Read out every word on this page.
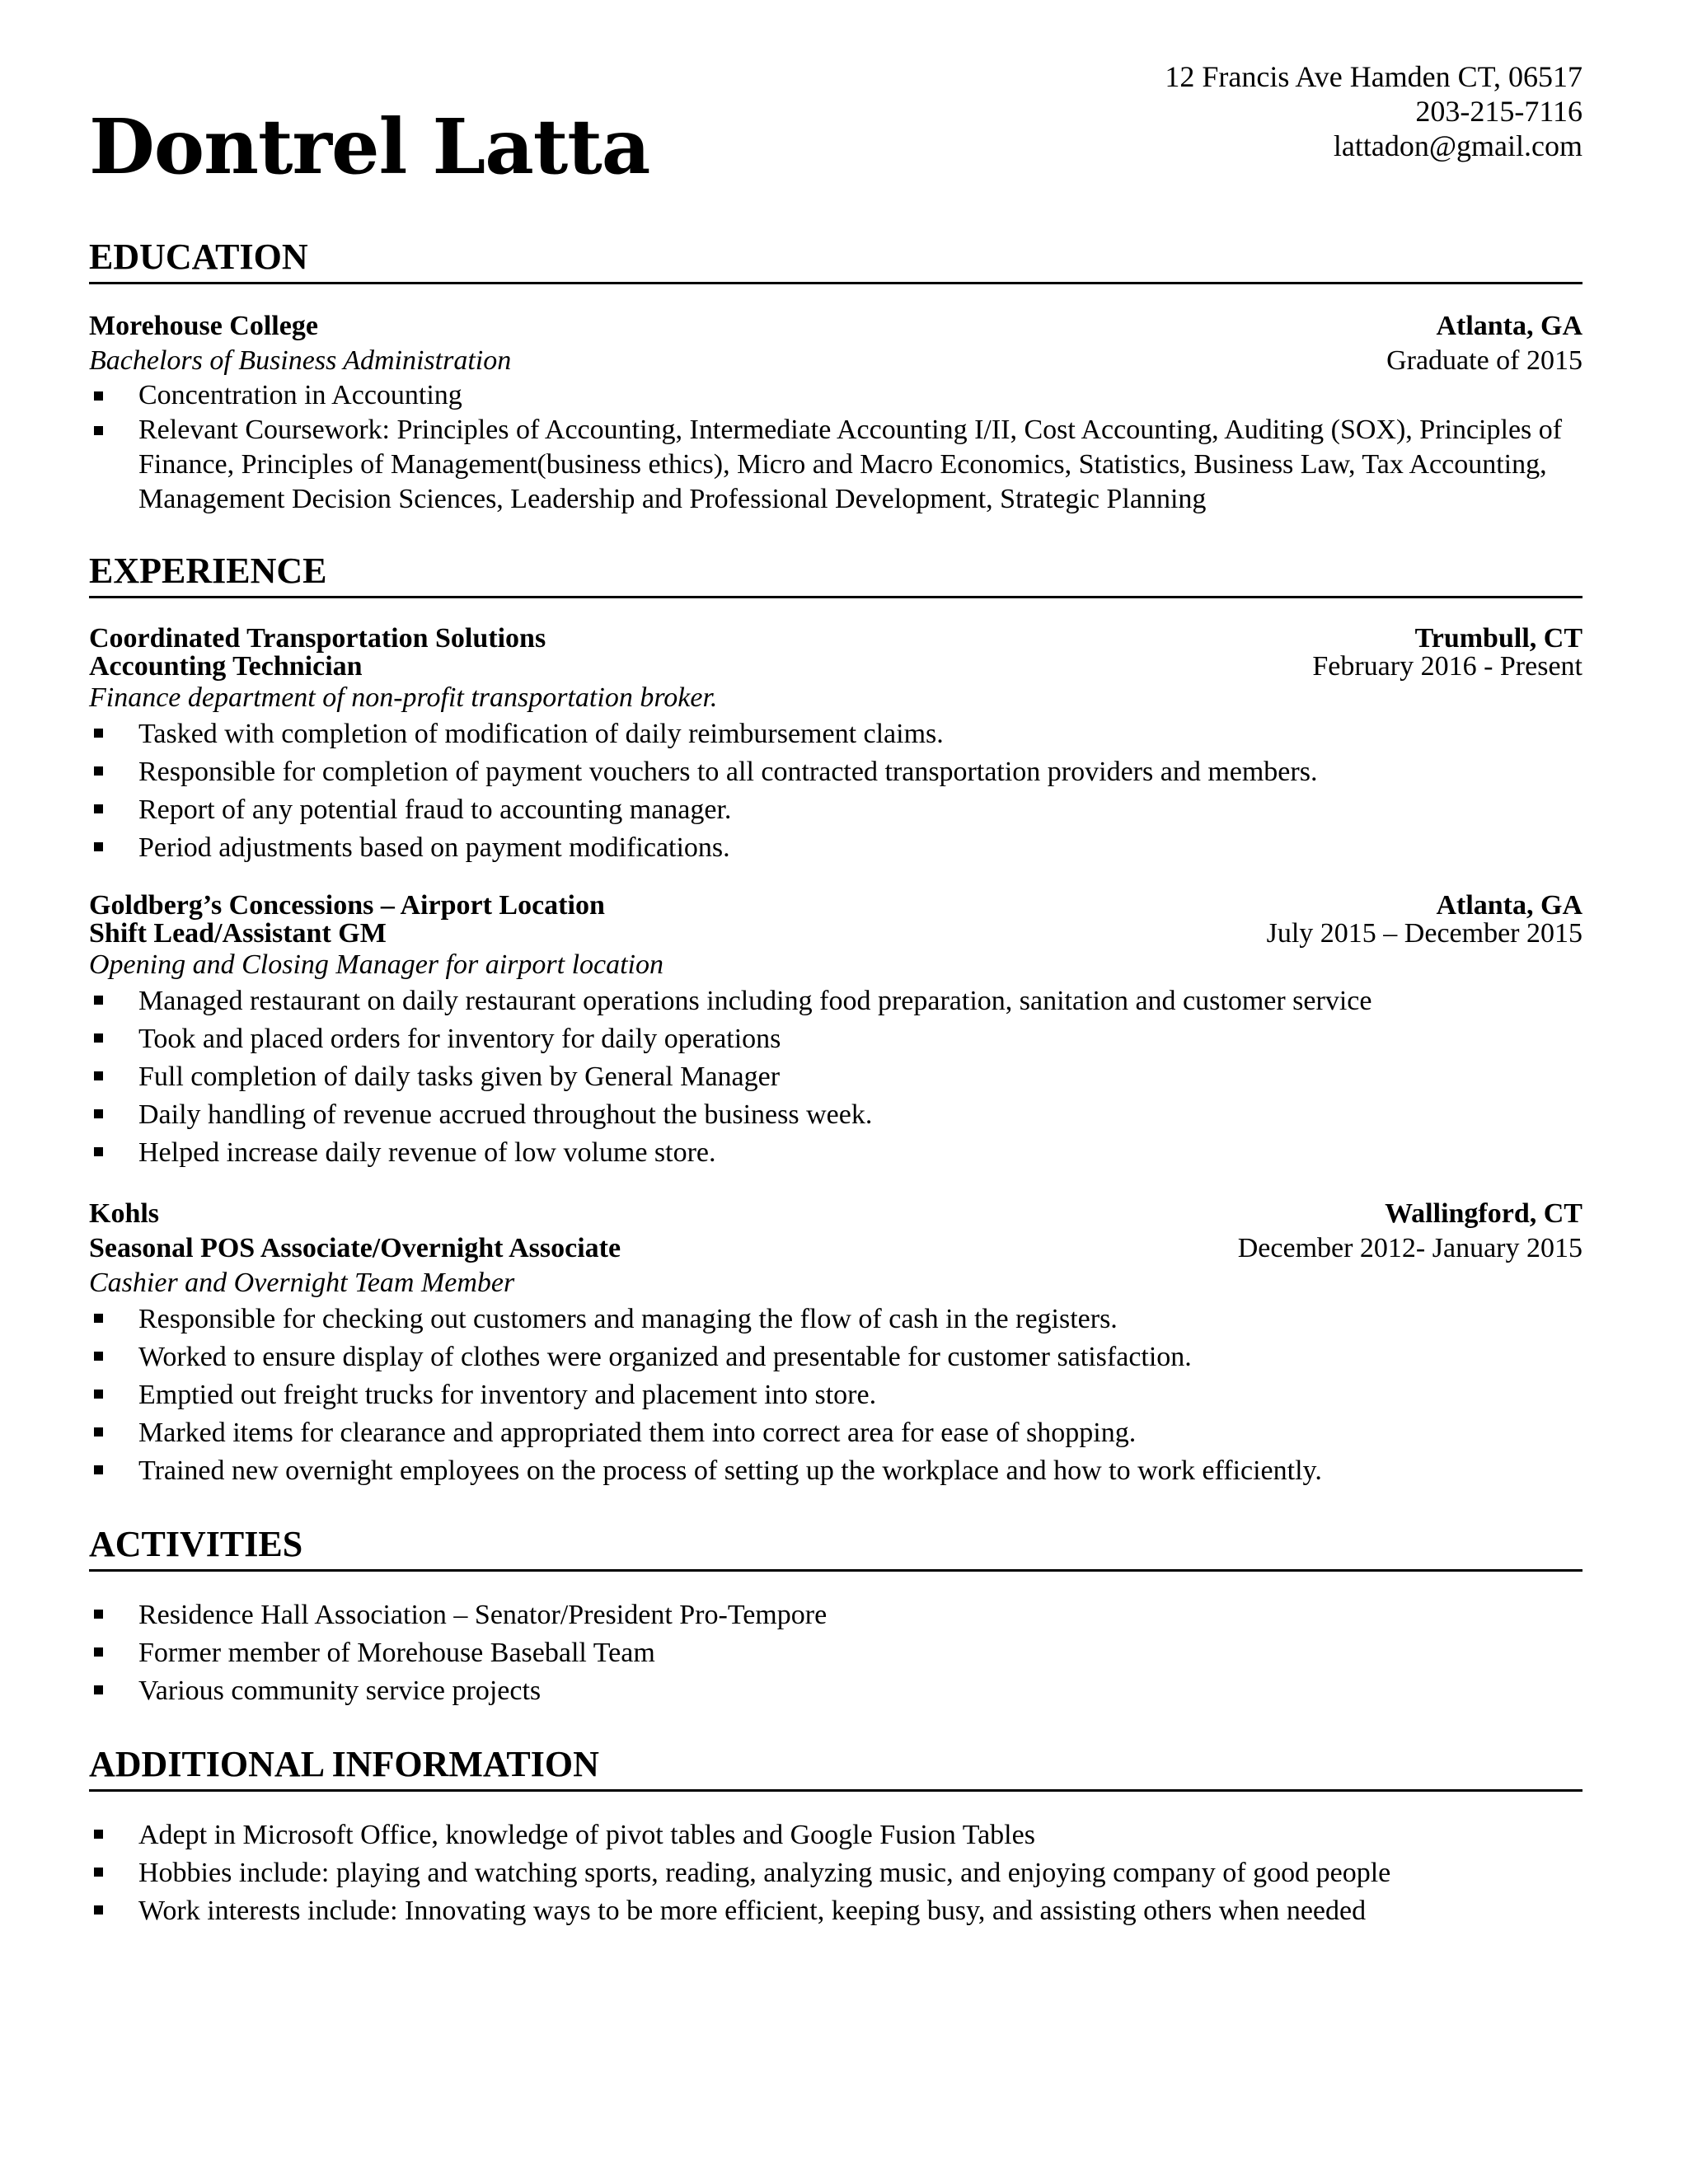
Dontrel Latta
12 Francis Ave Hamden CT, 06517
203-215-7116
lattadon@gmail.com
EDUCATION
Morehouse College	Atlanta, GA
Bachelors of Business Administration	Graduate of 2015
Concentration in Accounting
Relevant Coursework: Principles of Accounting, Intermediate Accounting I/II, Cost Accounting, Auditing (SOX), Principles of Finance, Principles of Management(business ethics), Micro and Macro Economics, Statistics, Business Law, Tax Accounting, Management Decision Sciences, Leadership and Professional Development, Strategic Planning
EXPERIENCE
Coordinated Transportation Solutions	Trumbull, CT
Accounting Technician	February 2016 - Present
Finance department of non-profit transportation broker.
Tasked with completion of modification of daily reimbursement claims.
Responsible for completion of payment vouchers to all contracted transportation providers and members.
Report of any potential fraud to accounting manager.
Period adjustments based on payment modifications.
Goldberg’s Concessions – Airport Location	Atlanta, GA
Shift Lead/Assistant GM	July 2015 – December 2015
Opening and Closing Manager for airport location
Managed restaurant on daily restaurant operations including food preparation, sanitation and customer service
Took and placed orders for inventory for daily operations
Full completion of daily tasks given by General Manager
Daily handling of revenue accrued throughout the business week.
Helped increase daily revenue of low volume store.
Kohls	Wallingford, CT
Seasonal POS Associate/Overnight Associate	December 2012- January 2015
Cashier and Overnight Team Member
Responsible for checking out customers and managing the flow of cash in the registers.
Worked to ensure display of clothes were organized and presentable for customer satisfaction.
Emptied out freight trucks for inventory and placement into store.
Marked items for clearance and appropriated them into correct area for ease of shopping.
Trained new overnight employees on the process of setting up the workplace and how to work efficiently.
ACTIVITIES
Residence Hall Association – Senator/President Pro-Tempore
Former member of Morehouse Baseball Team
Various community service projects
ADDITIONAL INFORMATION
Adept in Microsoft Office, knowledge of pivot tables and Google Fusion Tables
Hobbies include: playing and watching sports, reading, analyzing music, and enjoying company of good people
Work interests include: Innovating ways to be more efficient, keeping busy, and assisting others when needed
